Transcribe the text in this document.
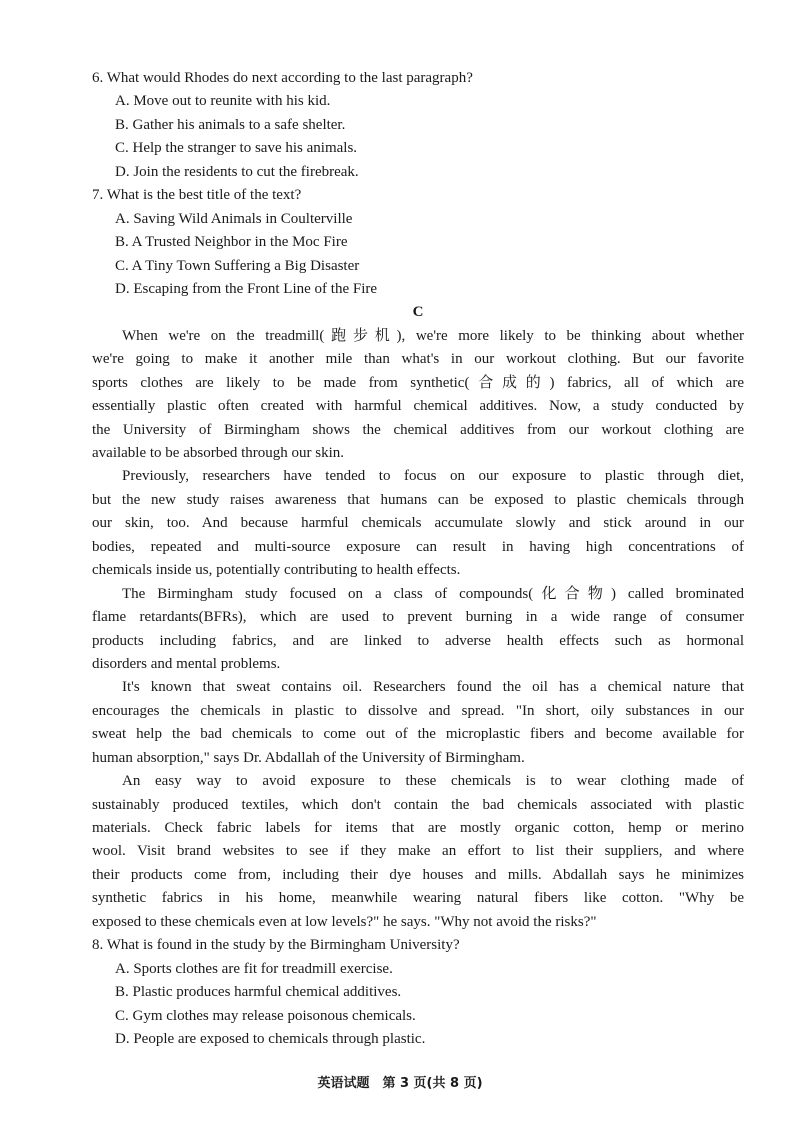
6. What would Rhodes do next according to the last paragraph?
A. Move out to reunite with his kid.
B. Gather his animals to a safe shelter.
C. Help the stranger to save his animals.
D. Join the residents to cut the firebreak.
7. What is the best title of the text?
A. Saving Wild Animals in Coulterville
B. A Trusted Neighbor in the Moc Fire
C. A Tiny Town Suffering a Big Disaster
D. Escaping from the Front Line of the Fire
C
When we're on the treadmill(跑步机), we're more likely to be thinking about whether
we're going to make it another mile than what's in our workout clothing. But our favorite
sports clothes are likely to be made from synthetic(合成的) fabrics, all of which are
essentially plastic often created with harmful chemical additives. Now, a study conducted by
the University of Birmingham shows the chemical additives from our workout clothing are
available to be absorbed through our skin.
Previously, researchers have tended to focus on our exposure to plastic through diet,
but the new study raises awareness that humans can be exposed to plastic chemicals through
our skin, too. And because harmful chemicals accumulate slowly and stick around in our
bodies, repeated and multi-source exposure can result in having high concentrations of
chemicals inside us, potentially contributing to health effects.
The Birmingham study focused on a class of compounds(化合物) called brominated
flame retardants(BFRs), which are used to prevent burning in a wide range of consumer
products including fabrics, and are linked to adverse health effects such as hormonal
disorders and mental problems.
It's known that sweat contains oil. Researchers found the oil has a chemical nature that
encourages the chemicals in plastic to dissolve and spread. "In short, oily substances in our
sweat help the bad chemicals to come out of the microplastic fibers and become available for
human absorption," says Dr. Abdallah of the University of Birmingham.
An easy way to avoid exposure to these chemicals is to wear clothing made of
sustainably produced textiles, which don't contain the bad chemicals associated with plastic
materials. Check fabric labels for items that are mostly organic cotton, hemp or merino
wool. Visit brand websites to see if they make an effort to list their suppliers, and where
their products come from, including their dye houses and mills. Abdallah says he minimizes
synthetic fabrics in his home, meanwhile wearing natural fibers like cotton. "Why be
exposed to these chemicals even at low levels?" he says. "Why not avoid the risks?"
8. What is found in the study by the Birmingham University?
A. Sports clothes are fit for treadmill exercise.
B. Plastic produces harmful chemical additives.
C. Gym clothes may release poisonous chemicals.
D. People are exposed to chemicals through plastic.
英语试题　第 3 页(共 8 页)
